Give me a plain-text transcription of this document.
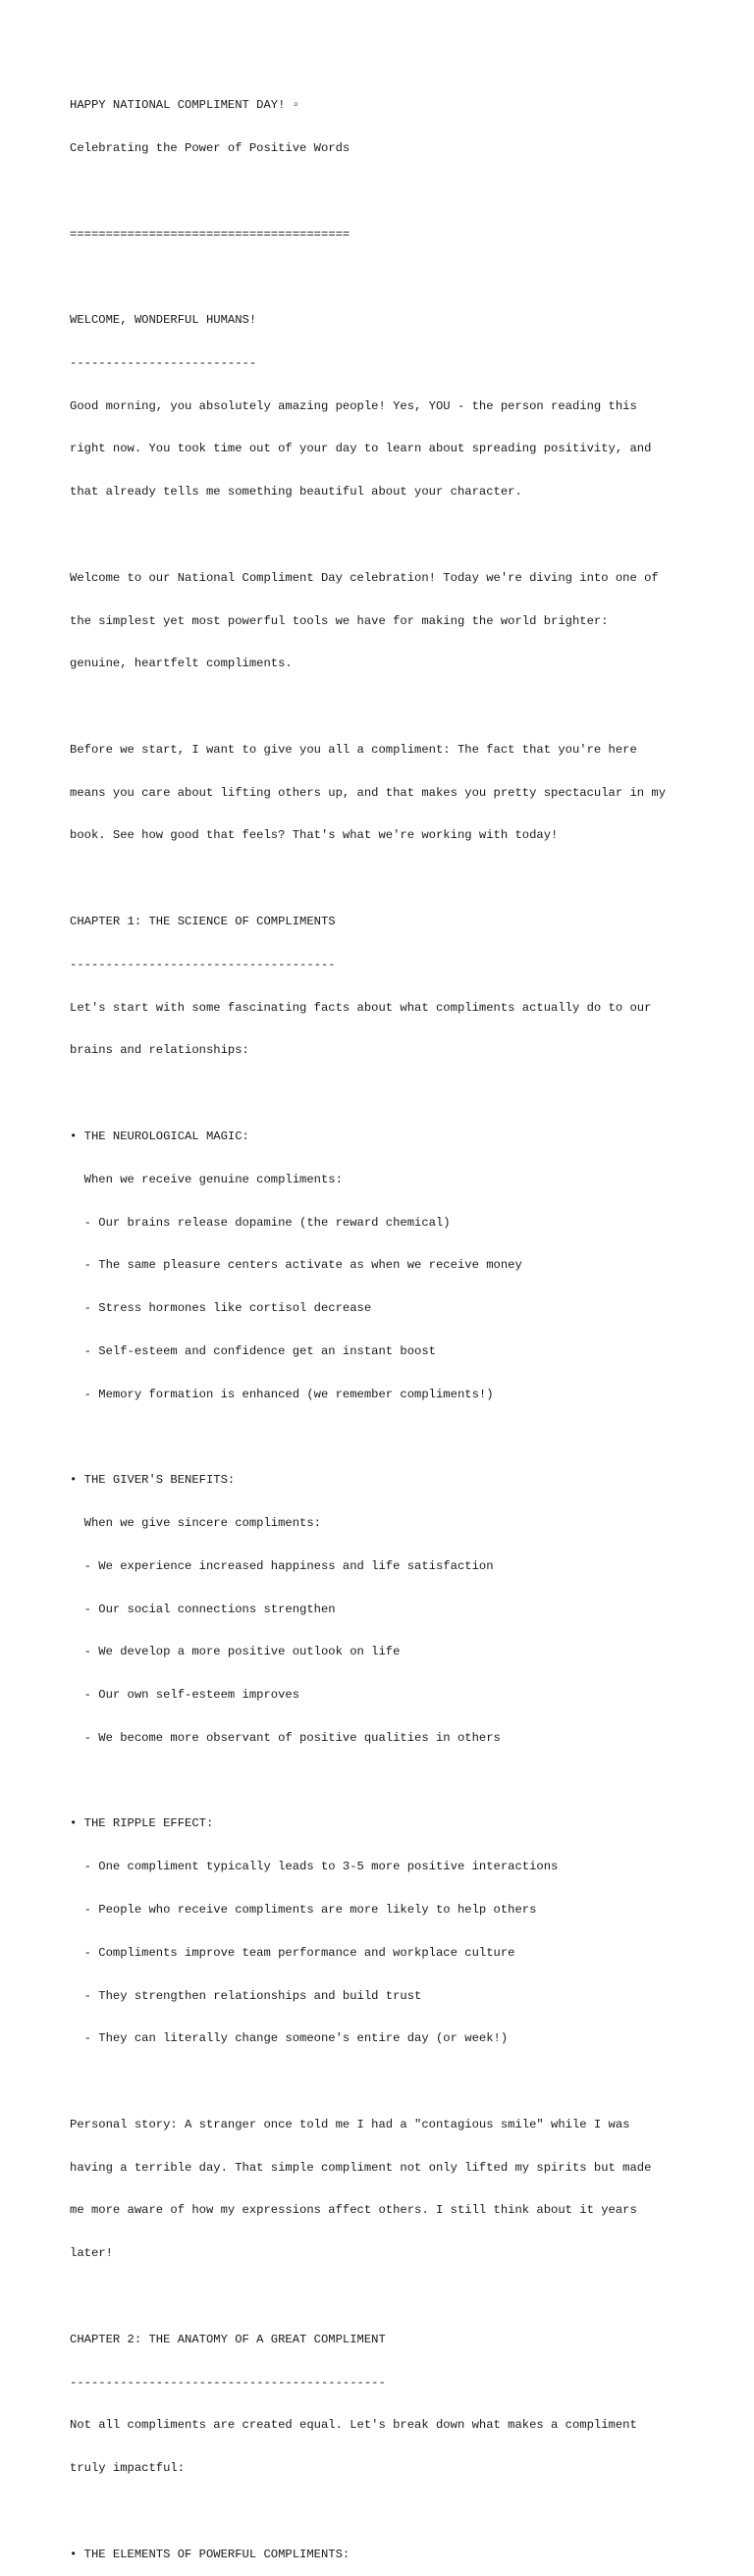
HAPPY NATIONAL COMPLIMENT DAY! ▫

Celebrating the Power of Positive Words

=======================================

WELCOME, WONDERFUL HUMANS!

--------------------------

Good morning, you absolutely amazing people! Yes, YOU - the person reading this

right now. You took time out of your day to learn about spreading positivity, and

that already tells me something beautiful about your character.

Welcome to our National Compliment Day celebration! Today we're diving into one of

the simplest yet most powerful tools we have for making the world brighter:

genuine, heartfelt compliments.

Before we start, I want to give you all a compliment: The fact that you're here

means you care about lifting others up, and that makes you pretty spectacular in my

book. See how good that feels? That's what we're working with today!

CHAPTER 1: THE SCIENCE OF COMPLIMENTS

-------------------------------------

Let's start with some fascinating facts about what compliments actually do to our

brains and relationships:

• THE NEUROLOGICAL MAGIC:

When we receive genuine compliments:

- Our brains release dopamine (the reward chemical)

- The same pleasure centers activate as when we receive money

- Stress hormones like cortisol decrease

- Self-esteem and confidence get an instant boost

- Memory formation is enhanced (we remember compliments!)

• THE GIVER'S BENEFITS:

When we give sincere compliments:

- We experience increased happiness and life satisfaction

- Our social connections strengthen

- We develop a more positive outlook on life

- Our own self-esteem improves

- We become more observant of positive qualities in others

• THE RIPPLE EFFECT:

- One compliment typically leads to 3-5 more positive interactions

- People who receive compliments are more likely to help others

- Compliments improve team performance and workplace culture

- They strengthen relationships and build trust

- They can literally change someone's entire day (or week!)

Personal story: A stranger once told me I had a "contagious smile" while I was

having a terrible day. That simple compliment not only lifted my spirits but made

me more aware of how my expressions affect others. I still think about it years

later!

CHAPTER 2: THE ANATOMY OF A GREAT COMPLIMENT

--------------------------------------------

Not all compliments are created equal. Let's break down what makes a compliment

truly impactful:

• THE ELEMENTS OF POWERFUL COMPLIMENTS:
